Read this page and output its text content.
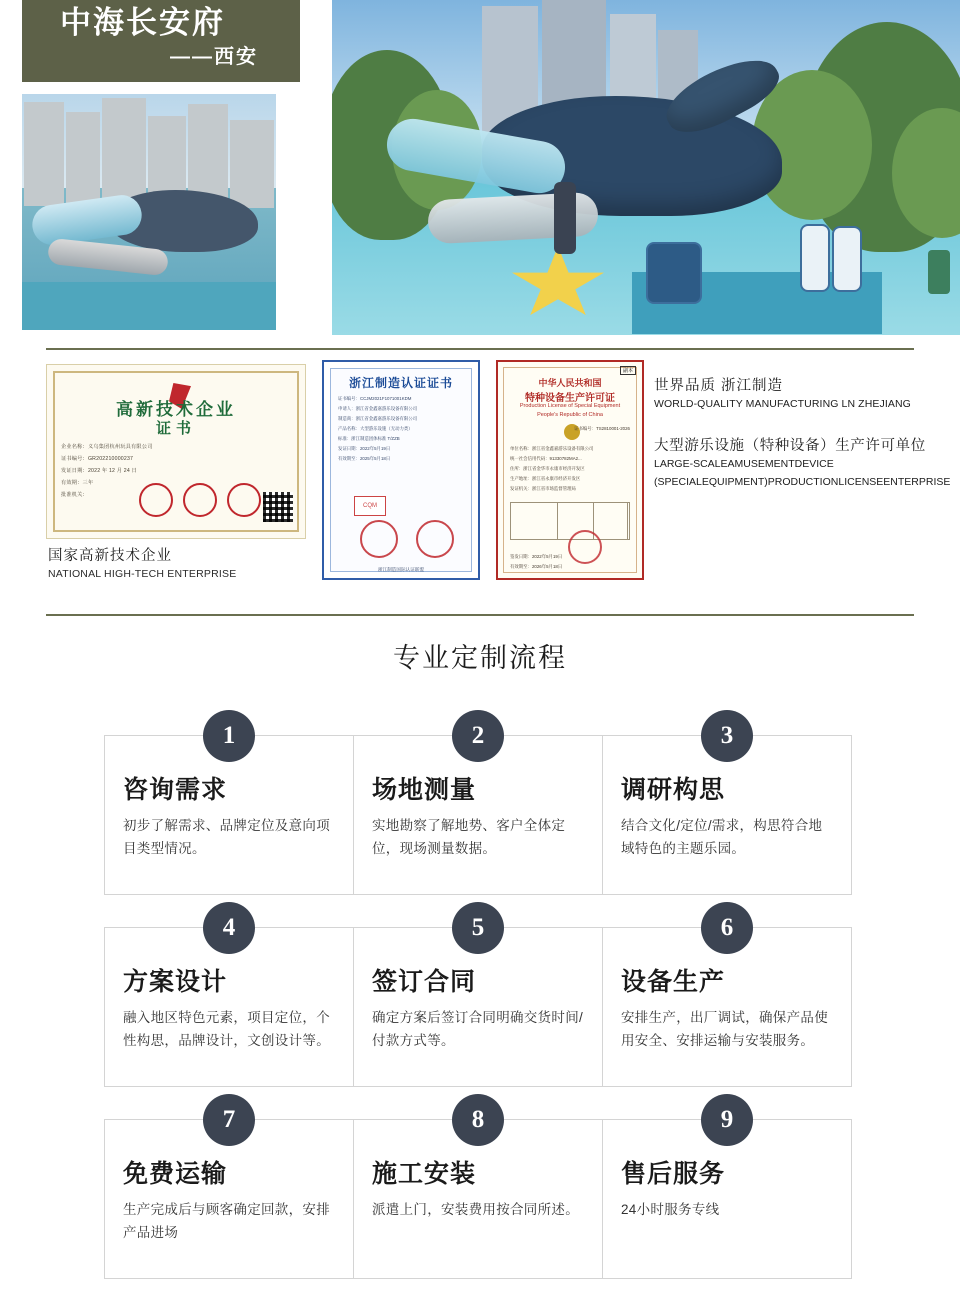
中海长安府
——西安
高新技术企业
证书
企业名称：义乌集团杭州玩具有限公司
证书编号：GR202210000237
发证日期：2022 年 12 月 24 日
有效期：三年
批准机关：
浙江制造认证证书
证书编号：CCJM2021F1071001KDM
申请人：浙江省金鑫嘉游乐设备有限公司
制造商：浙江省金鑫嘉游乐设备有限公司
产品名称：大型游乐设施（无动力类）
标准：浙江制造团体标准 T/ZZB
发证日期：2022年5月19日
有效期至：2025年5月18日
CQM
浙江制造国际认证联盟
副本
中华人民共和国
特种设备生产许可证
Production License of Special Equipment
People's Republic of China
证书编号：TS2810001-2026
单位名称：浙江省金鑫嘉游乐设备有限公司
统一社会信用代码：91330782MA2...
住所：浙江省金华市永康市经济开发区
生产地址：浙江省永康市经济开发区
发证机关：浙江省市场监督管理局
签发日期：2022年5月19日
有效期至：2026年5月18日
国家高新技术企业
NATIONAL HIGH-TECH ENTERPRISE
世界品质 浙江制造
WORLD-QUALITY MANUFACTURING LN ZHEJIANG
大型游乐设施（特种设备）生产许可单位
LARGE-SCALEAMUSEMENTDEVICE
(SPECIALEQUIPMENT)PRODUCTIONLICENSEENTERPRISE
专业定制流程
1
咨询需求

初步了解需求、品牌定位及意向项目类型情况。

2
场地测量

实地勘察了解地势、客户全体定位，现场测量数据。

3
调研构思

结合文化/定位/需求，构思符合地域特色的主题乐园。

4
方案设计

融入地区特色元素，项目定位，个性构思，品牌设计，文创设计等。

5
签订合同

确定方案后签订合同明确交货时间/付款方式等。

6
设备生产

安排生产，出厂调试，确保产品使用安全、安排运输与安装服务。

7
免费运输

生产完成后与顾客确定回款，安排产品进场

8
施工安装

派遣上门，安装费用按合同所述。

9
售后服务

24小时服务专线
